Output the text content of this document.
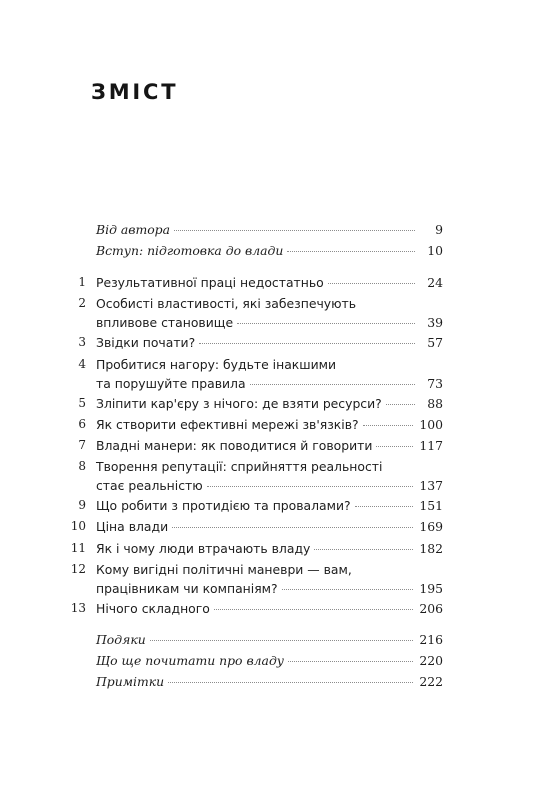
ЗМІСТ
Від автора	9
Вступ: підготовка до влади	10
1 Результативної праці недостатньо	24
2 Особисті властивості, які забезпечують
впливове становище	39
3 Звідки почати?	57
4 Пробитися нагору: будьте інакшими
та порушуйте правила	73
5 Зліпити кар'єру з нічого: де взяти ресурси?	88
6 Як створити ефективні мережі зв'язків?	100
7 Владні манери: як поводитися й говорити	117
8 Творення репутації: сприйняття реальності
стає реальністю	137
9 Що робити з протидією та провалами?	151
10 Ціна влади	169
11 Як і чому люди втрачають владу	182
12 Кому вигідні політичні маневри — вам,
працівникам чи компаніям?	195
13 Нічого складного	206
Подяки	216
Що ще почитати про владу	220
Примітки	222
